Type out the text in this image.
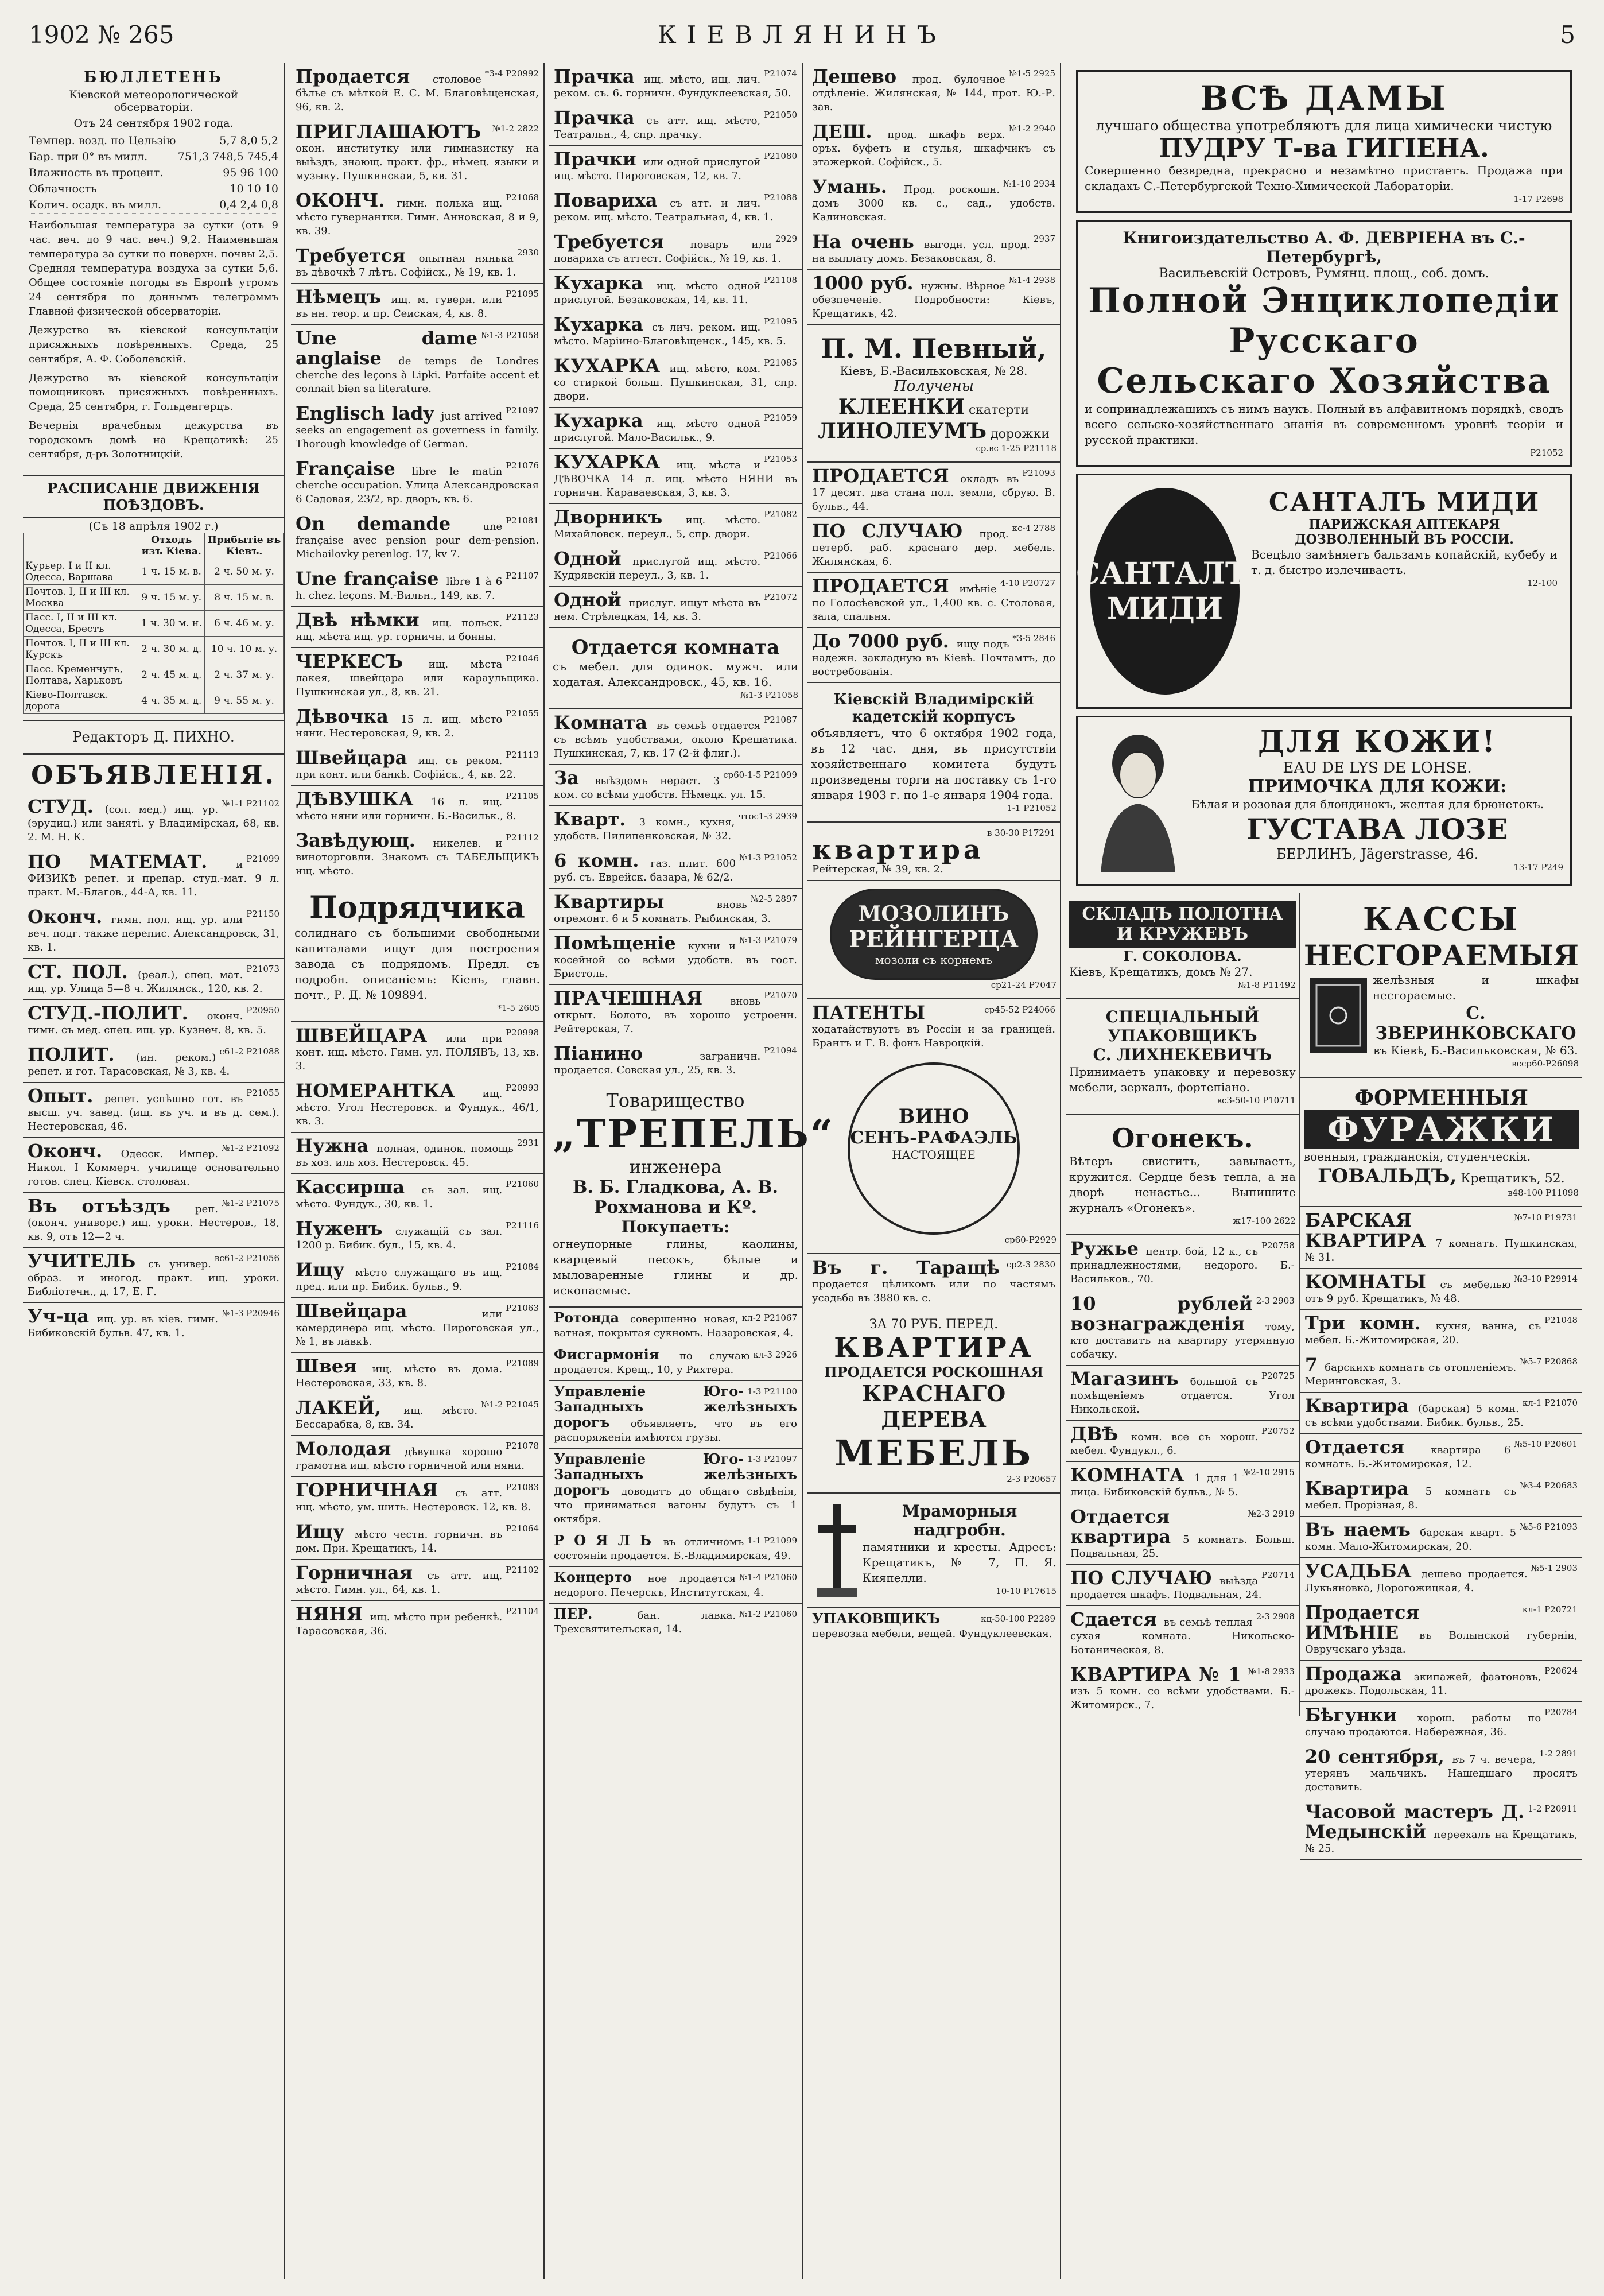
1902 № 265	КІЕВЛЯНИНЪ	5
БЮЛЛЕТЕНЬ
Кіевской метеорологической обсерваторіи.
Отъ 24 сентября 1902 года.
Темпер. возд. по Цельзію	5,7 8,0 5,2
Бар. при 0° въ милл.	751,3 748,5 745,4
Влажность въ процент.	95 96 100
Облачность	10 10 10
Колич. осадк. въ милл.	0,4 2,4 0,8
Наибольшая температура за сутки (отъ 9 час. веч. до 9 час. веч.) 9,2. Наименьшая температура за сутки по поверхн. почвы 2,5. Средняя температура воздуха за сутки 5,6. Общее состояніе погоды въ Европѣ утромъ 24 сентября по даннымъ телеграммъ Главной физической обсерваторіи.
Дежурство въ кіевской консультаціи присяжныхъ повѣренныхъ. Среда, 25 сентября, А. Ф. Соболевскій.
Дежурство въ кіевской консультаціи помощниковъ присяжныхъ повѣренныхъ. Среда, 25 сентября, г. Гольденгерцъ.
Вечернія врачебныя дежурства въ городскомъ домѣ на Крещатикѣ: 25 сентября, д-ръ Золотницкій.
РАСПИСАНІЕ ДВИЖЕНІЯ ПОѢЗДОВЪ.
(Съ 18 апрѣля 1902 г.)
	Отходъ изъ Кіева.	Прибытіе въ Кіевъ.
Курьер. I и II кл. Одесса, Варшава	1 ч. 15 м. в.	2 ч. 50 м. у.
Почтов. I, II и III кл. Москва	9 ч. 15 м. у.	8 ч. 15 м. в.
Пасс. I, II и III кл. Одесса, Брестъ	1 ч. 30 м. н.	6 ч. 46 м. у.
Почтов. I, II и III кл. Курскъ	2 ч. 30 м. д.	10 ч. 10 м. у.
Пасс. Кременчугъ, Полтава, Харьковъ	2 ч. 45 м. д.	2 ч. 37 м. у.
Кіево-Полтавск. дорога	4 ч. 35 м. д.	9 ч. 55 м. у.
Редакторъ Д. ПИХНО.
ОБЪЯВЛЕНІЯ.
№1-1 Р21102
СТУД. (сол. мед.) ищ. ур. (эрудиц.) или заняті. у Владимірская, 68, кв. 2. М. Н. К.
Р21099
ПО МАТЕМАТ. и ФИЗИКѢ репет. и препар. студ.-мат. 9 л. практ. М.-Благов., 44-А, кв. 11.
Р21150
Оконч. гимн. пол. ищ. ур. или веч. подг. также перепис. Александровск, 31, кв. 1.
Р21073
СТ. ПОЛ. (реал.), спец. мат. ищ. ур. Улица 5—8 ч. Жилянск., 120, кв. 2.
Р20950
СТУД.-ПОЛИТ. оконч. гимн. съ мед. спец. ищ. ур. Кузнеч. 8, кв. 5.
с61-2 Р21088
ПОЛИТ. (ин. реком.) репет. и гот. Тарасовская, № 3, кв. 4.
Р21055
Опыт. репет. успѣшно гот. въ высш. уч. завед. (ищ. въ уч. и въ д. сем.). Нестеровская, 46.
№1-2 Р21092
Оконч. Одесск. Импер. Никол. I Коммерч. училище основательно готов. спец. Кіевск. столовая.
№1-2 Р21075
Въ отъѣздъ реп. (оконч. униворс.) ищ. уроки. Нестеров., 18, кв. 9, отъ 12—2 ч.
вс61-2 Р21056
УЧИТЕЛЬ съ универ. образ. и иногод. практ. ищ. уроки. Библіотечн., д. 17, Е. Г.
№1-3 Р20946
Уч-ца ищ. ур. въ кіев. гимн. Бибиковскій бульв. 47, кв. 1.
*3-4 Р20992
Продается столовое бѣлье съ мѣткой Е. С. М. Благовѣщенская, 96, кв. 2.
№1-2 2822
ПРИГЛАШАЮТЪ окон. институтку или гимназистку на выѣздъ, знающ. практ. фр., нѣмец. языки и музыку. Пушкинская, 5, кв. 31.
Р21068
ОКОНЧ. гимн. полька ищ. мѣсто гувернантки. Гимн. Анновская, 8 и 9, кв. 39.
2930
Требуется опытная нянька въ дѣвочкѣ 7 лѣтъ. Софійск., № 19, кв. 1.
Р21095
Нѣмецъ ищ. м. гуверн. или въ нн. теор. и пр. Сеиская, 4, кв. 8.
№1-3 Р21058
Une dame anglaise de temps de Londres cherche des leçons à Lipki. Parfaite accent et connait bien sa literature.
Р21097
Englisch lady just arrived seeks an engagement as governess in family. Thorough knowledge of German.
Р21076
Française libre le matin cherche occupation. Улица Александровская 6 Садовая, 23/2, вр. дворъ, кв. 6.
Р21081
On demande une française avec pension pour dem-pension. Michailovky perenlog. 17, kv 7.
Р21107
Une française libre 1 à 6 h. chez. leçons. M.-Вильн., 149, кв. 7.
Р21123
Двѣ нѣмки ищ. польск. ищ. мѣста ищ. ур. горничн. и бонны.
Р21046
ЧЕРКЕСЪ ищ. мѣста лакея, швейцара или караульщика. Пушкинская ул., 8, кв. 21.
Р21055
Дѣвочка 15 л. ищ. мѣсто няни. Нестеровская, 9, кв. 2.
Р21113
Швейцара ищ. съ реком. при конт. или банкѣ. Софійск., 4, кв. 22.
Р21105
ДѢВУШКА 16 л. ищ. мѣсто няни или горничн. Б.-Васильк., 8.
Р21112
Завѣдующ. никелев. и виноторговли. Знакомъ съ ТАБЕЛЬЩИКЪ ищ. мѣсто.
Подрядчика
солиднаго съ большими свободными капиталами ищут для построения завода съ подрядомъ. Предл. съ подробн. описаніемъ: Кіевъ, главн. почт., Р. Д. № 109894.
*1-5 2605
Р20998
ШВЕЙЦАРА или при конт. ищ. мѣсто. Гимн. ул. ПОЛЯВЪ, 13, кв. 3.
Р20993
НОМЕРАНТКА ищ. мѣсто. Угол Нестеровск. и Фундук., 46/1, кв. 3.
2931
Нужна полная, одинок. помощь въ хоз. иль хоз. Нестеровск. 45.
Р21060
Кассирша съ зал. ищ. мѣсто. Фундук., 30, кв. 1.
Р21116
Нуженъ служащій съ зал. 1200 р. Бибик. бул., 15, кв. 4.
Р21084
Ищу мѣсто служащаго въ ищ. пред. или пр. Бибик. бульв., 9.
Р21063
Швейцара или камердинера ищ. мѣсто. Пироговская ул., № 1, въ лавкѣ.
Р21089
Швея ищ. мѣсто въ дома. Нестеровская, 33, кв. 8.
№1-2 Р21045
ЛАКЕЙ, ищ. мѣсто. Бессарабка, 8, кв. 34.
Р21078
Молодая дѣвушка хорошо грамотна ищ. мѣсто горничной или няни.
Р21083
ГОРНИЧНАЯ съ атт. ищ. мѣсто, ум. шить. Нестеровск. 12, кв. 8.
Р21064
Ищу мѣсто честн. горничн. въ дом. При. Крещатикъ, 14.
Р21102
Горничная съ атт. ищ. мѣсто. Гимн. ул., 64, кв. 1.
Р21104
НЯНЯ ищ. мѣсто при ребенкѣ. Тарасовская, 36.
Р21074
Прачка ищ. мѣсто, ищ. лич. реком. съ. 6. горничн. Фундуклеевская, 50.
Р21050
Прачка съ атт. ищ. мѣсто, Театральн., 4, спр. прачку.
Р21080
Прачки или одной прислугой ищ. мѣсто. Пироговская, 12, кв. 7.
Р21088
Повариха съ атт. и лич. реком. ищ. мѣсто. Театральная, 4, кв. 1.
2929
Требуется поваръ или повариха съ аттест. Софійск., № 19, кв. 1.
Р21108
Кухарка ищ. мѣсто одной прислугой. Безаковская, 14, кв. 11.
Р21095
Кухарка съ лич. реком. ищ. мѣсто. Маріино-Благовѣщенск., 145, кв. 5.
Р21085
КУХАРКА ищ. мѣсто, ком. со стиркой больш. Пушкинская, 31, спр. двори.
Р21059
Кухарка ищ. мѣсто одной прислугой. Мало-Васильк., 9.
Р21053
КУХАРКА ищ. мѣста и ДѢВОЧКА 14 л. ищ. мѣсто НЯНИ въ горничн. Караваевская, 3, кв. 3.
Р21082
Дворникъ ищ. мѣсто. Михайловск. переул., 5, спр. двори.
Р21066
Одной прислугой ищ. мѣсто. Кудрявскій переул., 3, кв. 1.
Р21072
Одной прислуг. ищут мѣста въ нем. Стрѣлецкая, 14, кв. 3.
Отдается комната
съ мебел. для одинок. мужч. или ходатая. Александровск., 45, кв. 16.
№1-3 Р21058
Р21087
Комната въ семьѣ отдается съ всѣмъ удобствами, около Крещатика. Пушкинская, 7, кв. 17 (2-й флиг.).
ср60-1-5 Р21099
За выѣздомъ нераст. 3 ком. со всѣми удобств. Нѣмецк. ул. 15.
чтос1-3 2939
Кварт. 3 комн., кухня, удобств. Пилипенковская, № 32.
№1-3 Р21052
6 комн. газ. плит. 600 руб. съ. Еврейск. базара, № 62/2.
№2-5 2897
Квартиры вновь отремонт. 6 и 5 комнатъ. Рыбинская, 3.
№1-3 Р21079
Помѣщеніе кухни и косейной со всѣми удобств. въ гост. Бристоль.
Р21070
ПРАЧЕШНАЯ вновь открыт. Болото, въ хорошо устроенн. Рейтерская, 7.
Р21094
Піанино заграничн. продается. Совская ул., 25, кв. 3.
Товарищество
„ТРЕПЕЛЬ“
инженера
В. Б. Гладкова, А. В. Рохманова и Кº.
Покупаетъ:
огнеупорные глины, каолины, кварцевый песокъ, бѣлые и мыловаренные глины и др. ископаемые.
кл-2 Р21067
Ротонда совершенно новая, ватная, покрытая сукномъ. Назаровская, 4.
кл-3 2926
Фисгармонія по случаю продается. Крещ., 10, у Рихтера.
1-3 Р21100
Управленіе Юго-Западныхъ желѣзныхъ дорогъ объявляетъ, что въ его распоряженіи имѣются грузы.
1-3 Р21097
Управленіе Юго-Западныхъ желѣзныхъ дорогъ доводитъ до общаго свѣдѣнія, что приниматься вагоны будутъ съ 1 октября.
1-1 Р21099
Р О Я Л Ь въ отличномъ состояніи продается. Б.-Владимирская, 49.
№1-4 Р21060
Концерто ное продается недорого. Печерскъ, Институтская, 4.
№1-2 Р21060
ПЕР. бан. лавка. Трехсвятительская, 14.
№1-5 2925
Дешево прод. булочное отдѣленіе. Жилянская, № 144, прот. Ю.-Р. зав.
№1-2 2940
ДЕШ. прод. шкафъ верх. оръх. буфетъ и стулья, шкафчикъ съ этажеркой. Софійск., 5.
№1-10 2934
Умань. Прод. роскошн. домъ 3000 кв. с., сад., удобств. Калиновская.
2937
На очень выгодн. усл. прод. на выплату домъ. Безаковская, 8.
№1-4 2938
1000 руб. нужны. Вѣрное обезпеченіе. Подробности: Кіевъ, Крещатикъ, 42.
П. М. Певный,
Кіевъ, Б.-Васильковская, № 28.
Получены
КЛЕЕНКИ скатерти
ЛИНОЛЕУМЪ дорожки
ср.вс 1-25 Р21118
Р21093
ПРОДАЕТСЯ окладъ въ 17 десят. два стана пол. земли, сбрую. В. бульв., 44.
кс-4 2788
ПО СЛУЧАЮ прод. петерб. раб. краснаго дер. мебель. Жилянская, 6.
4-10 Р20727
ПРОДАЕТСЯ имѣніе по Голосѣевской ул., 1,400 кв. с. Столовая, зала, спальня.
*3-5 2846
До 7000 руб. ищу подъ надежн. закладную въ Кіевѣ. Почтамтъ, до востребованія.
Кіевскій Владимірскій кадетскій корпусъ
объявляетъ, что 6 октября 1902 года, въ 12 час. дня, въ присутствіи хозяйственнаго комитета будутъ произведены торги на поставку съ 1-го января 1903 г. по 1-е января 1904 года.
1-1 Р21052
в 30-30 Р17291
квартира Рейтерская, № 39, кв. 2.
МОЗОЛИНЪ
РЕЙНГЕРЦА
мозоли съ корнемъ
ср21-24 Р7047
ср45-52 Р24066
ПАТЕНТЫ ходатайствуютъ въ Россіи и за границей. Брантъ и Г. В. фонъ Навроцкій.
ВИНО
СЕНЪ-РАФАЭЛЬ
НАСТОЯЩЕЕ
ср60-Р2929
ср2-3 2830
Въ г. Таращѣ продается цѣликомъ или по частямъ усадьба въ 3880 кв. с.
ЗА 70 РУБ. ПЕРЕД.
КВАРТИРА
ПРОДАЕТСЯ РОСКОШНАЯ
КРАСНАГО ДЕРЕВА
МЕБЕЛЬ
2-3 Р20657
Мраморныя надгробн.
памятники и кресты. Адресъ: Крещатикъ, № 7, П. Я. Кияпелли.
10-10 Р17615
кц-50-100 Р2289
УПАКОВЩИКЪ перевозка мебели, вещей. Фундуклеевская.
ВСѢ ДАМЫ
лучшаго общества употребляютъ для лица химически чистую
ПУДРУ Т-ва ГИГІЕНА.
Совершенно безвредна, прекрасно и незамѣтно пристаетъ. Продажа при складахъ С.-Петербургской Техно-Химической Лабораторіи.
1-17 Р2698
Книгоиздательство А. Ф. ДЕВРІЕНА въ С.-Петербургѣ,
Васильевскій Островъ, Румянц. площ., соб. домъ.
Полной Энциклопедіи Русскаго
Сельскаго Хозяйства
и сопринадлежащихъ съ нимъ наукъ. Полный въ алфавитномъ порядкѣ, сводъ всего сельско-хозяйственнаго знанія въ современномъ уровнѣ теоріи и русской практики.
Р21052
САНТАЛЪ
МИДИ
САНТАЛЪ МИДИ
ПАРИЖСКАЯ АПТЕКАРЯ ДОЗВОЛЕННЫЙ ВЪ РОССІИ.
Всецѣло замѣняетъ бальзамъ копайскій, кубебу и т. д. быстро излечиваетъ.
12-100
ДЛЯ КОЖИ!
EAU DE LYS DE LOHSE.
ПРИМОЧКА ДЛЯ КОЖИ:
Бѣлая и розовая для блондинокъ, желтая для брюнетокъ.
ГУСТАВА ЛОЗЕ
БЕРЛИНЪ, Jägerstrasse, 46.
13-17 Р249
СКЛАДЪ ПОЛОТНА И КРУЖЕВЪ
Г. СОКОЛОВА.
Кіевъ, Крещатикъ, домъ № 27.
№1-8 Р11492
СПЕЦІАЛЬНЫЙ УПАКОВЩИКЪ
С. ЛИХНЕКЕВИЧЪ
Принимаетъ упаковку и перевозку мебели, зеркалъ, фортепіано.
вс3-50-10 Р10711
Огонекъ.
Вѣтеръ свиститъ, завываетъ, кружится. Сердце безъ тепла, а на дворѣ ненастье... Выпишите журналъ «Огонекъ».
ж17-100 2622
Р20758
Ружье центр. бой, 12 к., съ принадлежностями, недорого. Б.-Васильков., 70.
2-3 2903
10 рублей вознагражденія тому, кто доставитъ на квартиру утерянную собачку.
Р20725
Магазинъ большой съ помѣщеніемъ отдается. Угол Никольской.
Р20752
ДВѢ комн. все съ хорош. мебел. Фундукл., 6.
№2-10 2915
КОМНАТА 1 для 1 лица. Бибиковскій бульв., № 5.
№2-3 2919
Отдается квартира 5 комнатъ. Больш. Подвальная, 25.
Р20714
ПО СЛУЧАЮ выѣзда продается шкафъ. Подвальная, 24.
2-3 2908
Сдается въ семьѣ теплая сухая комната. Никольско-Ботаническая, 8.
№1-8 2933
КВАРТИРА № 1 изъ 5 комн. со всѣми удобствами. Б.-Житомирск., 7.
КАССЫ
НЕСГОРАЕМЫЯ
желѣзныя и шкафы несгораемые.
С. ЗВЕРИНКОВСКАГО
въ Кіевѣ, Б.-Васильковская, № 63.
всср60-Р26098
ФОРМЕННЫЯ
ФУРАЖКИ
военныя, гражданскія, студенческія.
ГОВАЛЬДЪ, Крещатикъ, 52.
в48-100 Р11098
№7-10 Р19731
БАРСКАЯ КВАРТИРА 7 комнатъ. Пушкинская, № 31.
№3-10 Р29914
КОМНАТЫ съ мебелью отъ 9 руб. Крещатикъ, № 48.
Р21048
Три комн. кухня, ванна, съ мебел. Б.-Житомирская, 20.
№5-7 Р20868
7 барскихъ комнатъ съ отопленіемъ. Меринговская, 3.
кл-1 Р21070
Квартира (барская) 5 комн. съ всѣми удобствами. Бибик. бульв., 25.
№5-10 Р20601
Отдается квартира 6 комнатъ. Б.-Житомирская, 12.
№3-4 Р20683
Квартира 5 комнатъ съ мебел. Прорізная, 8.
№5-6 Р21093
Въ наемъ барская кварт. 5 комн. Мало-Житомирская, 20.
№5-1 2903
УСАДЬБА дешево продается. Лукьяновка, Дорогожицкая, 4.
кл-1 Р20721
Продается ИМѢНІЕ въ Волынской губерніи, Овручскаго уѣзда.
Р20624
Продажа экипажей, фаэтоновъ, дрожекъ. Подольская, 11.
Р20784
Бѣгунки хорош. работы по случаю продаются. Набережная, 36.
1-2 2891
20 сентября, въ 7 ч. вечера, утерянъ мальчикъ. Нашедшаго просятъ доставить.
1-2 Р20911
Часовой мастеръ Д. Медынскій переехалъ на Крещатикъ, № 25.
